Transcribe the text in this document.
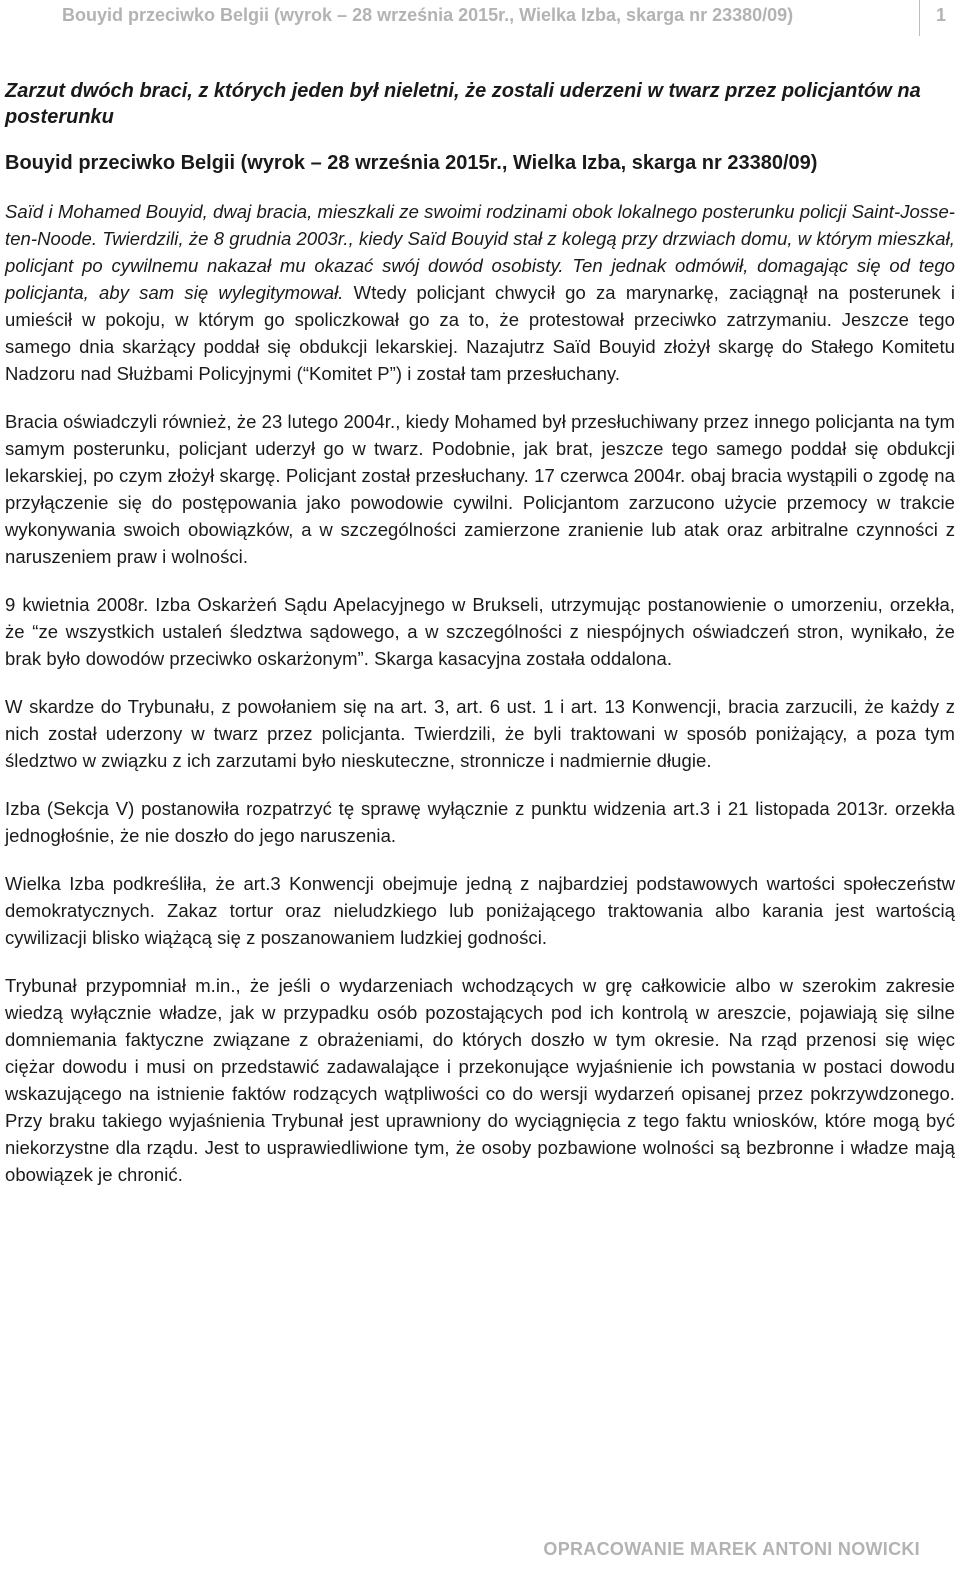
Bouyid przeciwko Belgii (wyrok – 28 września 2015r., Wielka Izba, skarga nr 23380/09)	1
Zarzut dwóch braci, z których jeden był nieletni, że zostali uderzeni w twarz przez policjantów na posterunku
Bouyid przeciwko Belgii (wyrok – 28 września 2015r., Wielka Izba, skarga nr 23380/09)

Saïd i Mohamed Bouyid, dwaj bracia, mieszkali ze swoimi rodzinami obok lokalnego posterunku policji Saint-Josse-ten-Noode. Twierdzili, że 8 grudnia 2003r., kiedy Saïd Bouyid stał z kolegą przy drzwiach domu, w którym mieszkał, policjant po cywilnemu nakazał mu okazać swój dowód osobisty. Ten jednak odmówił, domagając się od tego policjanta, aby sam się wylegitymował. Wtedy policjant chwycił go za marynarkę, zaciągnął na posterunek i umieścił w pokoju, w którym go spoliczkował go za to, że protestował przeciwko zatrzymaniu. Jeszcze tego samego dnia skarżący poddał się obdukcji lekarskiej. Nazajutrz Saïd Bouyid złożył skargę do Stałego Komitetu Nadzoru nad Służbami Policyjnymi (“Komitet P”) i został tam przesłuchany.

Bracia oświadczyli również, że 23 lutego 2004r., kiedy Mohamed był przesłuchiwany przez innego policjanta na tym samym posterunku, policjant uderzył go w twarz. Podobnie, jak brat, jeszcze tego samego poddał się obdukcji lekarskiej, po czym złożył skargę. Policjant został przesłuchany. 17 czerwca 2004r. obaj bracia wystąpili o zgodę na przyłączenie się do postępowania jako powodowie cywilni. Policjantom zarzucono użycie przemocy w trakcie wykonywania swoich obowiązków, a w szczególności zamierzone zranienie lub atak oraz arbitralne czynności z naruszeniem praw i wolności.

9 kwietnia 2008r. Izba Oskarżeń Sądu Apelacyjnego w Brukseli, utrzymując postanowienie o umorzeniu, orzekła, że “ze wszystkich ustaleń śledztwa sądowego, a w szczególności z niespójnych oświadczeń stron, wynikało, że brak było dowodów przeciwko oskarżonym”. Skarga kasacyjna została oddalona.

W skardze do Trybunału, z powołaniem się na art. 3, art. 6 ust. 1 i art. 13 Konwencji, bracia zarzucili, że każdy z nich został uderzony w twarz przez policjanta. Twierdzili, że byli traktowani w sposób poniżający, a poza tym śledztwo w związku z ich zarzutami było nieskuteczne, stronnicze i nadmiernie długie.

Izba (Sekcja V) postanowiła rozpatrzyć tę sprawę wyłącznie z punktu widzenia art.3 i 21 listopada 2013r. orzekła jednogłośnie, że nie doszło do jego naruszenia.

Wielka Izba podkreśliła, że art.3 Konwencji obejmuje jedną z najbardziej podstawowych wartości społeczeństw demokratycznych. Zakaz tortur oraz nieludzkiego lub poniżającego traktowania albo karania jest wartością cywilizacji blisko wiążącą się z poszanowaniem ludzkiej godności.

Trybunał przypomniał m.in., że jeśli o wydarzeniach wchodzących w grę całkowicie albo w szerokim zakresie wiedzą wyłącznie władze, jak w przypadku osób pozostających pod ich kontrolą w areszcie, pojawiają się silne domniemania faktyczne związane z obrażeniami, do których doszło w tym okresie. Na rząd przenosi się więc ciężar dowodu i musi on przedstawić zadawalające i przekonujące wyjaśnienie ich powstania w postaci dowodu wskazującego na istnienie faktów rodzących wątpliwości co do wersji wydarzeń opisanej przez pokrzywdzonego. Przy braku takiego wyjaśnienia Trybunał jest uprawniony do wyciągnięcia z tego faktu wniosków, które mogą być niekorzystne dla rządu. Jest to usprawiedliwione tym, że osoby pozbawione wolności są bezbronne i władze mają obowiązek je chronić.

OPRACOWANIE MAREK ANTONI NOWICKI
